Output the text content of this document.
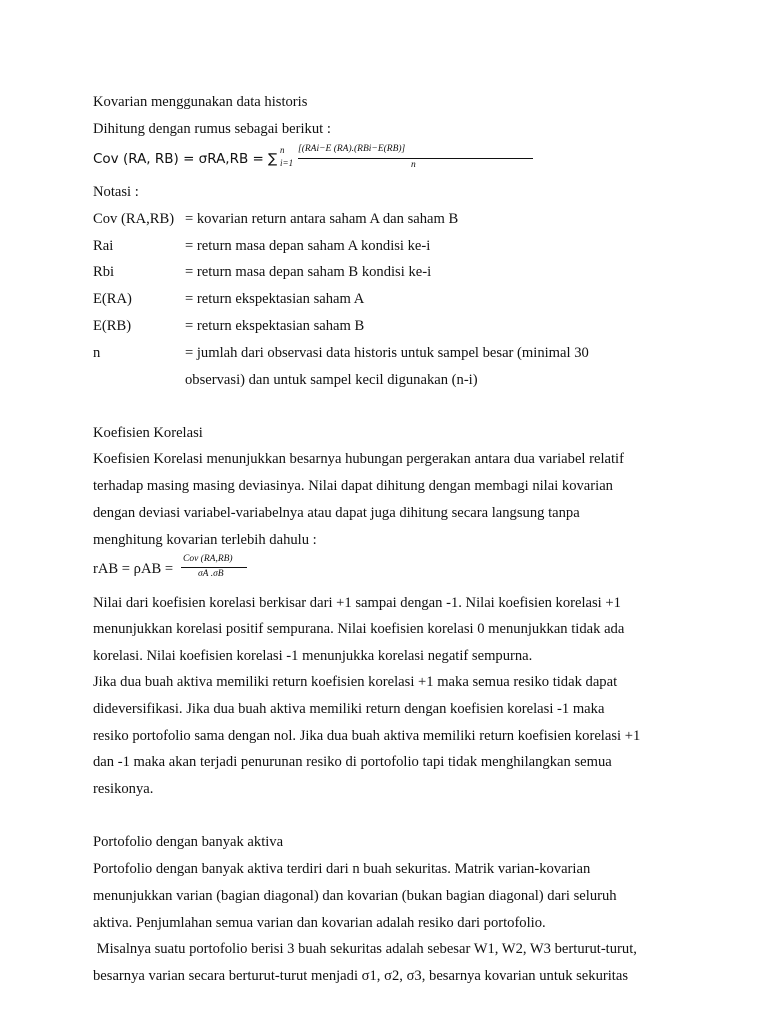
Kovarian menggunakan data historis
Dihitung dengan rumus sebagai berikut :
Cov (RA, RB) = σRA,RB = ∑
n
i=1
[(RAi−E (RA).(RBi−E(RB)]
n
Notasi :
Cov (RA,RB) = kovarian return antara saham A dan saham B
Rai	= return masa depan saham A kondisi ke-i
Rbi	= return masa depan saham B kondisi ke-i
E(RA)	= return ekspektasian saham A
E(RB)	= return ekspektasian saham B
n	= jumlah dari observasi data historis untuk sampel besar (minimal 30
observasi) dan untuk sampel kecil digunakan (n-i)
Koefisien Korelasi
Koefisien Korelasi menunjukkan besarnya hubungan pergerakan antara dua variabel relatif
terhadap masing masing deviasinya. Nilai dapat dihitung dengan membagi nilai kovarian
dengan deviasi variabel-variabelnya atau dapat juga dihitung secara langsung tanpa
menghitung kovarian terlebih dahulu :
rAB = ρAB =
Cov (RA,RB)
σA .σB
Nilai dari koefisien korelasi berkisar dari +1 sampai dengan -1. Nilai koefisien korelasi +1
menunjukkan korelasi positif sempurana. Nilai koefisien korelasi 0 menunjukkan tidak ada
korelasi. Nilai koefisien korelasi -1 menunjukka korelasi negatif sempurna.
Jika dua buah aktiva memiliki return koefisien korelasi +1 maka semua resiko tidak dapat
dideversifikasi. Jika dua buah aktiva memiliki return dengan koefisien korelasi -1 maka
resiko portofolio sama dengan nol. Jika dua buah aktiva memiliki return koefisien korelasi +1
dan -1 maka akan terjadi penurunan resiko di portofolio tapi tidak menghilangkan semua
resikonya.
Portofolio dengan banyak aktiva
Portofolio dengan banyak aktiva terdiri dari n buah sekuritas. Matrik varian-kovarian
menunjukkan varian (bagian diagonal) dan kovarian (bukan bagian diagonal) dari seluruh
aktiva. Penjumlahan semua varian dan kovarian adalah resiko dari portofolio.
Misalnya suatu portofolio berisi 3 buah sekuritas adalah sebesar W1, W2, W3 berturut-turut,
besarnya varian secara berturut-turut menjadi σ1, σ2, σ3, besarnya kovarian untuk sekuritas
